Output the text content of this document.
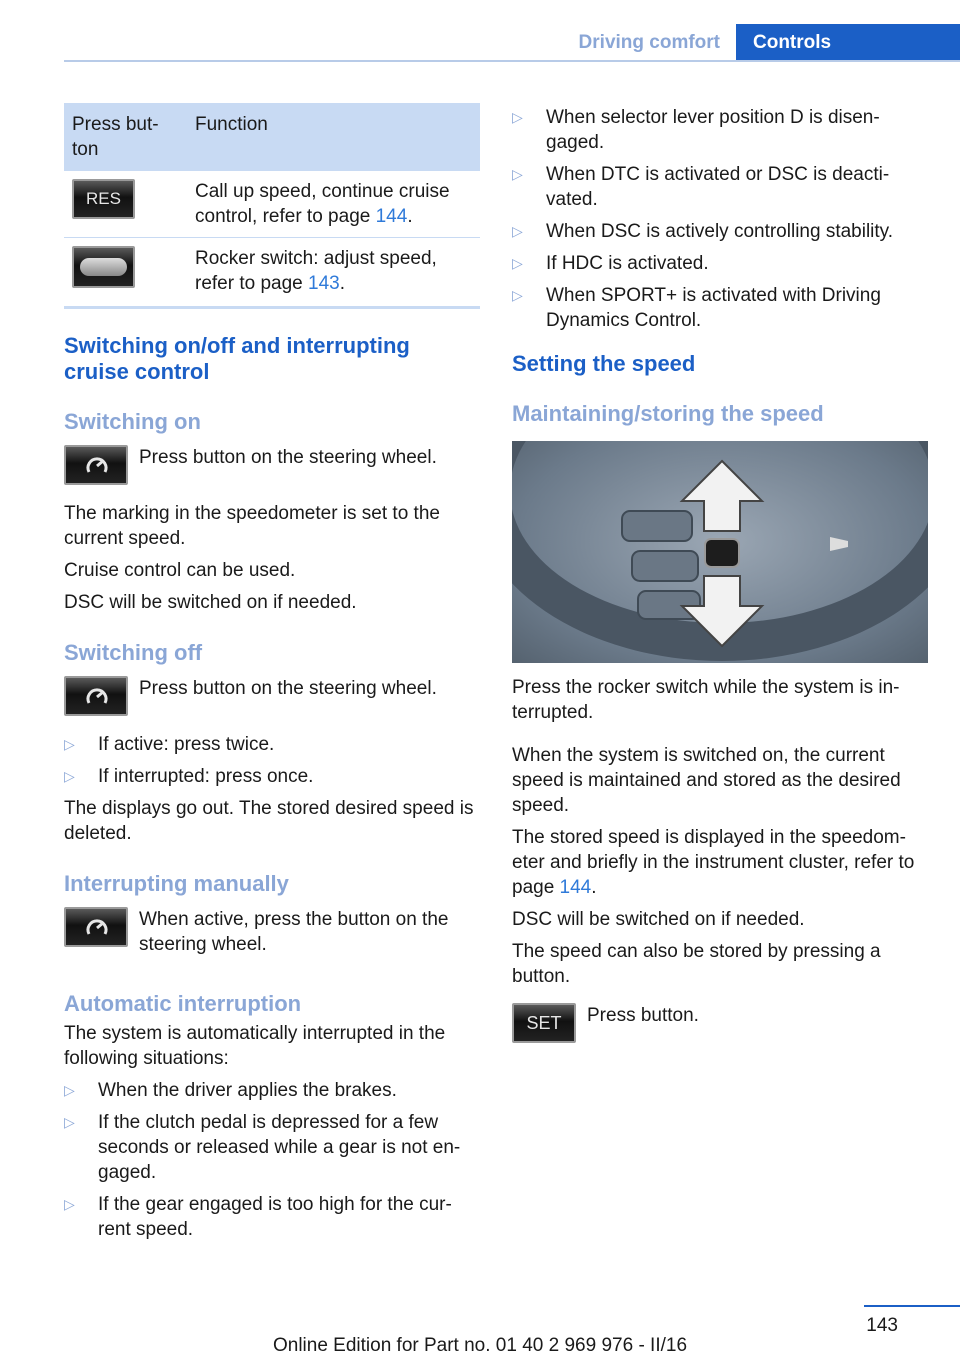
Driving comfort	Controls
Press but-
ton	Function
RES	Call up speed, continue cruise control, refer to page 144.

	Rocker switch: adjust speed, refer to page 143.
Switching on/off and interrupting cruise control
Switching on

Press button on the steering wheel.

The marking in the speedometer is set to the current speed.

Cruise control can be used.

DSC will be switched on if needed.

Switching off

Press button on the steering wheel.

▷ If active: press twice.
▷ If interrupted: press once.

The displays go out. The stored desired speed is deleted.

Interrupting manually

When active, press the button on the steering wheel.

Automatic interruption

The system is automatically interrupted in the following situations:

▷ When the driver applies the brakes.
▷ If the clutch pedal is depressed for a few seconds or released while a gear is not en- gaged.
▷ If the gear engaged is too high for the cur- rent speed.
▷ When selector lever position D is disen- gaged.
▷ When DTC is activated or DSC is deacti- vated.
▷ When DSC is actively controlling stability.
▷ If HDC is activated.
▷ When SPORT+ is activated with Driving Dynamics Control.
Setting the speed
Maintaining/storing the speed

Press the rocker switch while the system is in- terrupted.

When the system is switched on, the current speed is maintained and stored as the desired speed.

The stored speed is displayed in the speedom- eter and briefly in the instrument cluster, refer to page 144.

DSC will be switched on if needed.

The speed can also be stored by pressing a button.

SET	Press button.

143
Online Edition for Part no. 01 40 2 969 976 - II/16
